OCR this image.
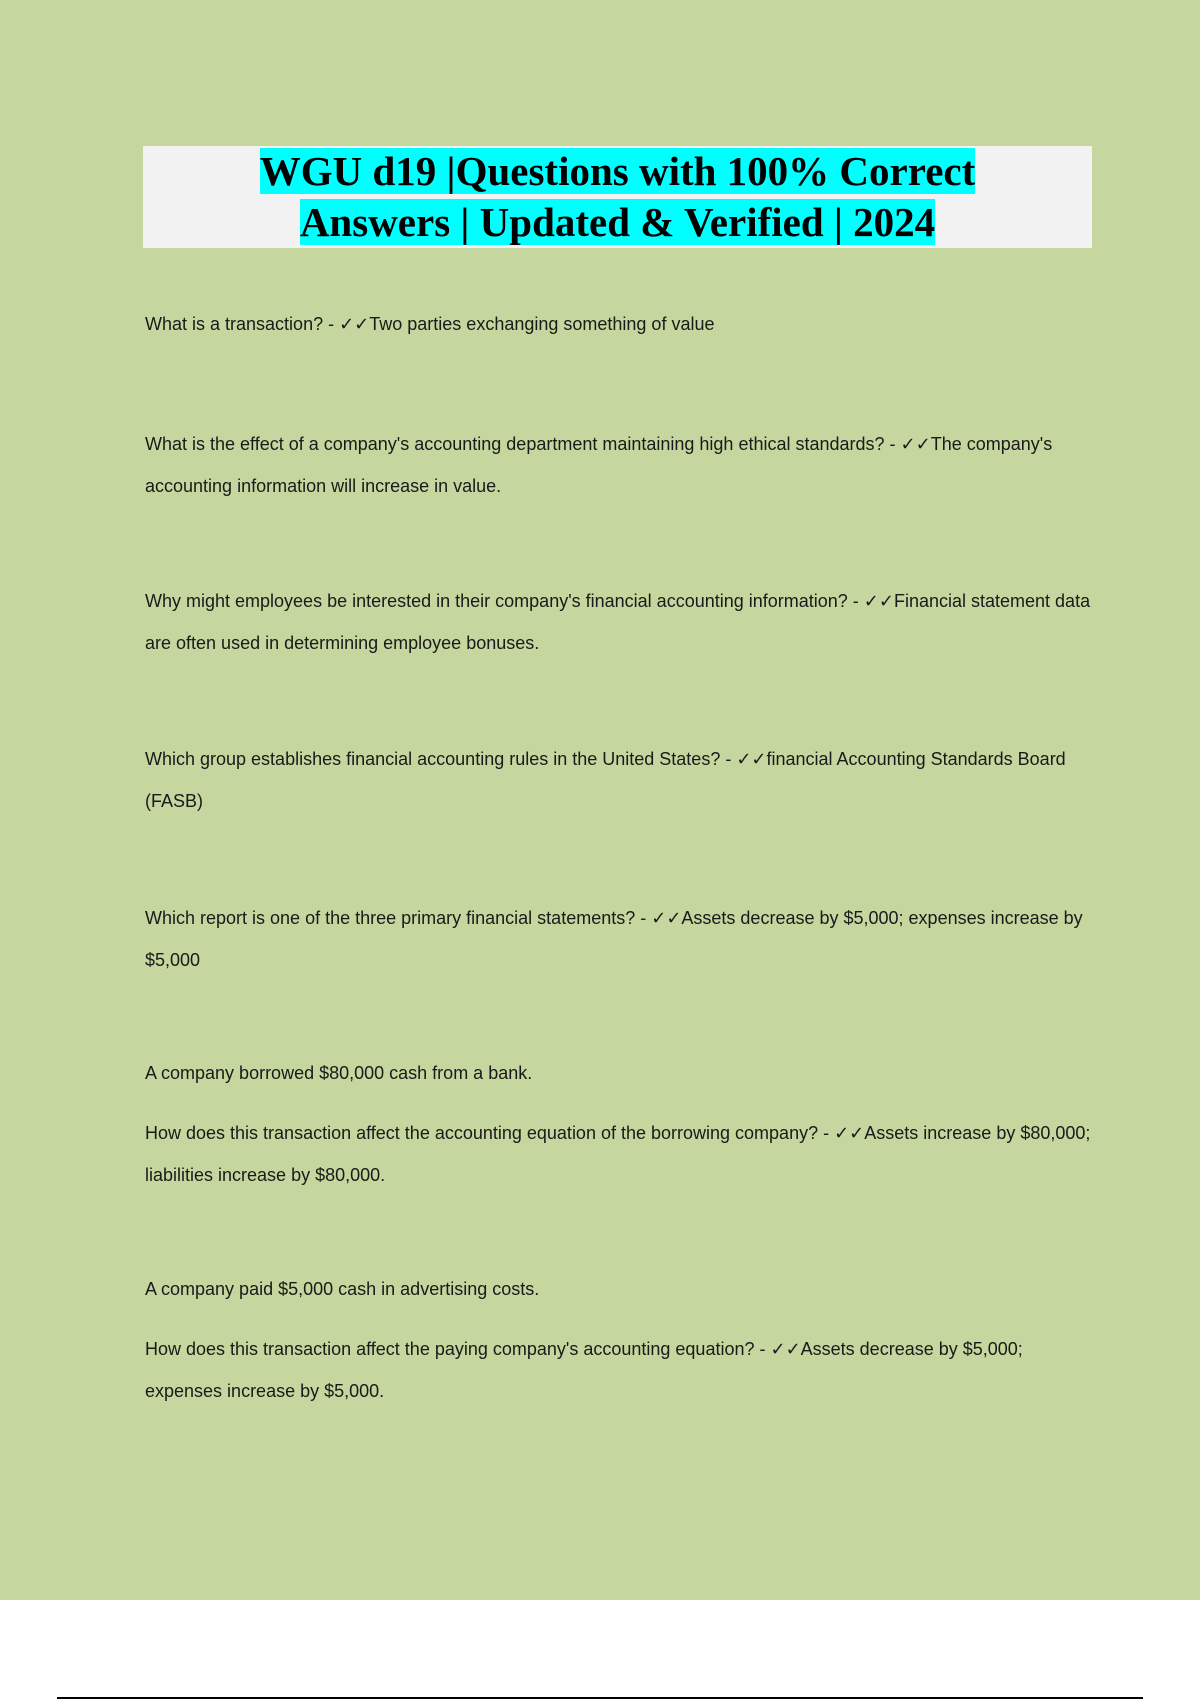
WGU d19 |Questions with 100% Correct
Answers | Updated & Verified | 2024

What is a transaction? - ✓✓Two parties exchanging something of value

What is the effect of a company's accounting department maintaining high ethical standards? - ✓✓The company's accounting information will increase in value.

Why might employees be interested in their company's financial accounting information? - ✓✓Financial statement data are often used in determining employee bonuses.

Which group establishes financial accounting rules in the United States? - ✓✓financial Accounting Standards Board (FASB)

Which report is one of the three primary financial statements? - ✓✓Assets decrease by $5,000; expenses increase by $5,000

A company borrowed $80,000 cash from a bank.
How does this transaction affect the accounting equation of the borrowing company? - ✓✓Assets increase by $80,000; liabilities increase by $80,000.

A company paid $5,000 cash in advertising costs.
How does this transaction affect the paying company's accounting equation? - ✓✓Assets decrease by $5,000; expenses increase by $5,000.
